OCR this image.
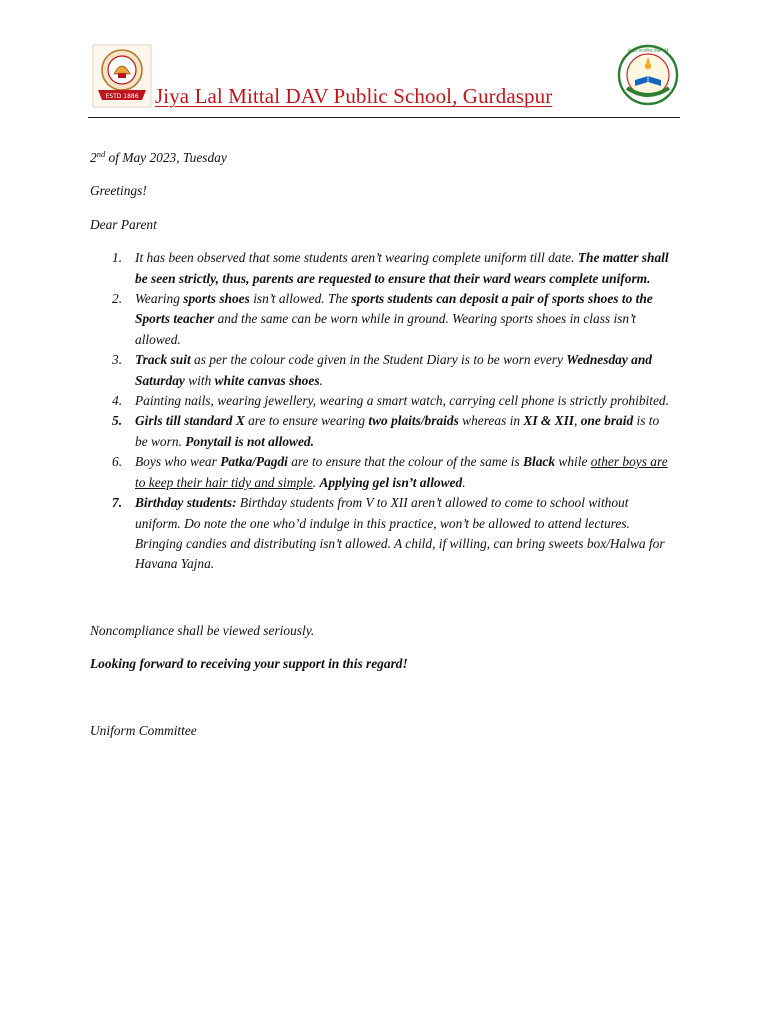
ESTD 1886 Jiya Lal Mittal DAV Public School, Gurdaspur
केन्द्रीय माध्यमिक शिक्षा बोर्ड

2nd of May 2023, Tuesday

Greetings!

Dear Parent

1. It has been observed that some students aren’t wearing complete uniform till date. The matter shall be seen strictly, thus, parents are requested to ensure that their ward wears complete uniform.
2. Wearing sports shoes isn’t allowed. The sports students can deposit a pair of sports shoes to the Sports teacher and the same can be worn while in ground. Wearing sports shoes in class isn’t allowed.
3. Track suit as per the colour code given in the Student Diary is to be worn every Wednesday and Saturday with white canvas shoes.
4. Painting nails, wearing jewellery, wearing a smart watch, carrying cell phone is strictly prohibited.
5. Girls till standard X are to ensure wearing two plaits/braids whereas in XI & XII, one braid is to be worn. Ponytail is not allowed.
6. Boys who wear Patka/Pagdi are to ensure that the colour of the same is Black while other boys are to keep their hair tidy and simple. Applying gel isn’t allowed.
7. Birthday students: Birthday students from V to XII aren’t allowed to come to school without uniform. Do note the one who’d indulge in this practice, won’t be allowed to attend lectures. Bringing candies and distributing isn’t allowed. A child, if willing, can bring sweets box/Halwa for Havana Yajna.

Noncompliance shall be viewed seriously.

Looking forward to receiving your support in this regard!

Uniform Committee
